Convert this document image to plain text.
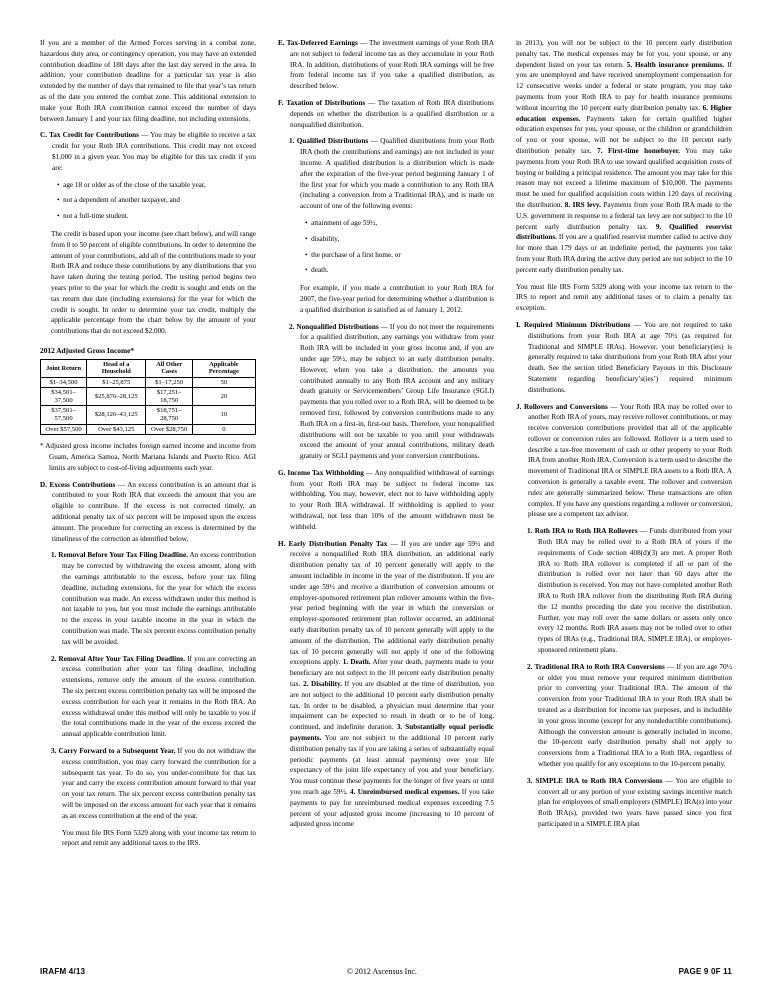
If you are a member of the Armed Forces serving in a combat zone, hazardous duty area, or contingency operation, you may have an extended contribution deadline of 180 days after the last day served in the area. In addition, your contribution deadline for a particular tax year is also extended by the number of days that remained to file that year’s tax return as of the date you entered the combat zone. This additional extension to make your Roth IRA contribution cannot exceed the number of days between January 1 and your tax filing deadline, not including extensions.

C. Tax Credit for Contributions — You may be eligible to receive a tax credit for your Roth IRA contributions. This credit may not exceed $1,000 in a given year. You may be eligible for this tax credit if you are:

•  age 18 or older as of the close of the taxable year,

•  not a dependent of another taxpayer, and

•  not a full-time student.

The credit is based upon your income (see chart below), and will range from 0 to 50 percent of eligible contributions. In order to determine the amount of your contributions, add all of the contributions made to your Roth IRA and reduce these contributions by any distributions that you have taken during the testing period. The testing period begins two years prior to the year for which the credit is sought and ends on the tax return due date (including extensions) for the year for which the credit is sought. In order to determine your tax credit, multiply the applicable percentage from the chart below by the amount of your contributions that do not exceed $2,000.

2012 Adjusted Gross Income*
Joint Return	Head of a Household	All Other Cases	Applicable Percentage
$1–34,500	$1–25,875	$1–17,250	50
$34,501–37,500	$25,876–28,125	$17,251–18,750	20
$37,501–57,500	$28,126–43,125	$18,751–28,750	10
Over $57,500	Over $43,125	Over $28,750	0

* Adjusted gross income includes foreign earned income and income from Guam, America Samoa, North Mariana Islands and Puerto Rico. AGI limits are subject to cost-of-living adjustments each year.

D. Excess Contributions — An excess contribution is an amount that is contributed to your Roth IRA that exceeds the amount that you are eligible to contribute. If the excess is not corrected timely, an additional penalty tax of six percent will be imposed upon the excess amount. The procedure for correcting an excess is determined by the timeliness of the correction as identified below.

1. Removal Before Your Tax Filing Deadline. An excess contribution may be corrected by withdrawing the excess amount, along with the earnings attributable to the excess, before your tax filing deadline, including extensions, for the year for which the excess contribution was made. An excess withdrawn under this method is not taxable to you, but you must include the earnings attributable to the excess in your taxable income in the year in which the contribution was made. The six percent excess contribution penalty tax will be avoided.

2. Removal After Your Tax Filing Deadline. If you are correcting an excess contribution after your tax filing deadline, including extensions, remove only the amount of the excess contribution. The six percent excess contribution penalty tax will be imposed the excess contribution for each year it remains in the Roth IRA. An excess withdrawal under this method will only be taxable to you if the total contributions made in the year of the excess exceed the annual applicable contribution limit.

3. Carry Forward to a Subsequent Year. If you do not withdraw the excess contribution, you may carry forward the contribution for a subsequent tax year. To do so, you under-contribute for that tax year and carry the excess contribution amount forward to that year on your tax return. The six percent excess contribution penalty tax will be imposed on the excess amount for each year that it remains as an excess contribution at the end of the year.

You must file IRS Form 5329 along with your income tax return to report and remit any additional taxes to the IRS.

E. Tax-Deferred Earnings — The investment earnings of your Roth IRA are not subject to federal income tax as they accumulate in your Roth IRA. In addition, distributions of your Roth IRA earnings will be free from federal income tax if you take a qualified distribution, as described below.

F. Taxation of Distributions — The taxation of Roth IRA distributions depends on whether the distribution is a qualified distribution or a nonqualified distribution.

1. Qualified Distributions — Qualified distributions from your Roth IRA (both the contributions and earnings) are not included in your income. A qualified distribution is a distribution which is made after the expiration of the five-year period beginning January 1 of the first year for which you made a contribution to any Roth IRA (including a conversion from a Traditional IRA), and is made on account of one of the following events:

•  attainment of age 59½,

•  disability,

•  the purchase of a first home, or

•  death.

For example, if you made a contribution to your Roth IRA for 2007, the five-year period for determining whether a distribution is a qualified distribution is satisfied as of January 1, 2012.

2. Nonqualified Distributions — If you do not meet the requirements for a qualified distribution, any earnings you withdraw from your Roth IRA will be included in your gross income and, if you are under age 59½, may be subject to an early distribution penalty. However, when you take a distribution, the amounts you contributed annually to any Roth IRA account and any military death gratuity or Servicemembers’ Group Life Insurance (SGLI) payments that you rolled over to a Roth IRA, will be deemed to be removed first, followed by conversion contributions made to any Roth IRA on a first-in, first-out basis. Therefore, your nonqualified distributions will not be taxable to you until your withdrawals exceed the amount of your annual contributions, military death gratuity or SGLI payments and your conversion contributions.

G. Income Tax Withholding — Any nonqualified withdrawal of earnings from your Roth IRA may be subject to federal income tax withholding. You may, however, elect not to have withholding apply to your Roth IRA withdrawal. If withholding is applied to your withdrawal, not less than 10% of the amount withdrawn must be withheld.

H. Early Distribution Penalty Tax — If you are under age 59½ and receive a nonqualified Roth IRA distribution, an additional early distribution penalty tax of 10 percent generally will apply to the amount includible in income in the year of the distribution. If you are under age 59½ and receive a distribution of conversion amounts or employer-sponsored retirement plan rollover amounts within the five-year period beginning with the year in which the conversion or employer-sponsored retirement plan rollover occurred, an additional early distribution penalty tax of 10 percent generally will apply to the amount of the distribution. The additional early distribution penalty tax of 10 percent generally will not apply if one of the following exceptions apply. 1. Death. After your death, payments made to your beneficiary are not subject to the 10 percent early distribution penalty tax. 2. Disability. If you are disabled at the time of distribution, you are not subject to the additional 10 percent early distribution penalty tax. In order to be disabled, a physician must determine that your impairment can be expected to result in death or to be of long, continued, and indefinite duration. 3. Substantially equal periodic payments. You are not subject to the additional 10 percent early distribution penalty tax if you are taking a series of substantially equal periodic payments (at least annual payments) over your life expectancy of the joint life expectancy of you and your beneficiary. You must continue these payments for the longer of five years or until you reach age 59½. 4. Unreimbursed medical expenses. If you take payments to pay for unreimbursed medical expenses exceeding 7.5 percent of your adjusted gross income (increasing to 10 percent of adjusted gross income

in 2013), you will not be subject to the 10 percent early distribution penalty tax. The medical expenses may be for you, your spouse, or any dependent listed on your tax return. 5. Health insurance premiums. If you are unemployed and have received unemployment compensation for 12 consecutive weeks under a federal or state program, you may take payments from your Roth IRA to pay for health insurance premiums without incurring the 10 percent early distribution penalty tax. 6. Higher education expenses. Payments taken for certain qualified higher education expenses for you, your spouse, or the children or grandchildren of you or your spouse, will not be subject to the 10 percent early distribution penalty tax. 7. First-time homebuyer. You may take payments from your Roth IRA to use toward qualified acquisition costs of buying or building a principal residence. The amount you may take for this reason may not exceed a lifetime maximum of $10,000. The payments must be used for qualified acquisition costs within 120 days of receiving the distribution. 8. IRS levy. Payments from your Roth IRA made to the U.S. government in response to a federal tax levy are not subject to the 10 percent early distribution penalty tax. 9. Qualified reservist distributions. If you are a qualified reservist member called to active duty for more than 179 days or an indefinite period, the payments you take from your Roth IRA during the active duty period are not subject to the 10 percent early distribution penalty tax.

You must file IRS Form 5329 along with your income tax return to the IRS to report and remit any additional taxes or to claim a penalty tax exception.

I. Required Minimum Distributions — You are not required to take distributions from your Roth IRA at age 70½ (as required for Traditional and SIMPLE IRAs). However, your beneficiary(ies) is generally required to take distributions from your Roth IRA after your death. See the section titled Beneficiary Payouts in this Disclosure Statement regarding beneficiary’s(ies’) required minimum distributions.

J. Rollovers and Conversions — Your Roth IRA may be rolled over to another Roth IRA of yours, may receive rollover contributions, or may receive conversion contributions provided that all of the applicable rollover or conversion rules are followed. Rollover is a term used to describe a tax-free movement of cash or other property to your Roth IRA from another Roth IRA. Conversion is a term used to describe the movement of Traditional IRA or SIMPLE IRA assets to a Roth IRA. A conversion is generally a taxable event. The rollover and conversion rules are generally summarized below. These transactions are often complex. If you have any questions regarding a rollover or conversion, please see a competent tax advisor.

1. Roth IRA to Roth IRA Rollovers — Funds distributed from your Roth IRA may be rolled over to a Roth IRA of yours if the requirements of Code section 408(d)(3) are met. A proper Roth IRA to Roth IRA rollover is completed if all or part of the distribution is rolled over not later than 60 days after the distribution is received. You may not have completed another Roth IRA to Roth IRA rollover from the distributing Roth IRA during the 12 months preceding the date you receive the distribution. Further, you may roll over the same dollars or assets only once every 12 months. Roth IRA assets may not be rolled over to other types of IRAs (e.g., Traditional IRA, SIMPLE IRA), or employer-sponsored retirement plans.

2. Traditional IRA to Roth IRA Conversions — If you are age 70½ or older you must remove your required minimum distribution prior to converting your Traditional IRA. The amount of the conversion from your Traditional IRA to your Roth IRA shall be treated as a distribution for income tax purposes, and is includible in your gross income (except for any nondeductible contributions). Although the conversion amount is generally included in income, the 10-percent early distribution penalty shall not apply to conversions from a Traditional IRA to a Roth IRA, regardless of whether you qualify for any exceptions to the 10-percent penalty.

3. SIMPLE IRA to Roth IRA Conversions — You are eligible to convert all or any portion of your existing savings incentive match plan for employees of small employers (SIMPLE) IRA(s) into your Roth IRA(s), provided two years have passed since you first participated in a SIMPLE IRA plan

IRAFM 4/13	© 2012 Ascensus Inc.	PAGE 9 0F 11
